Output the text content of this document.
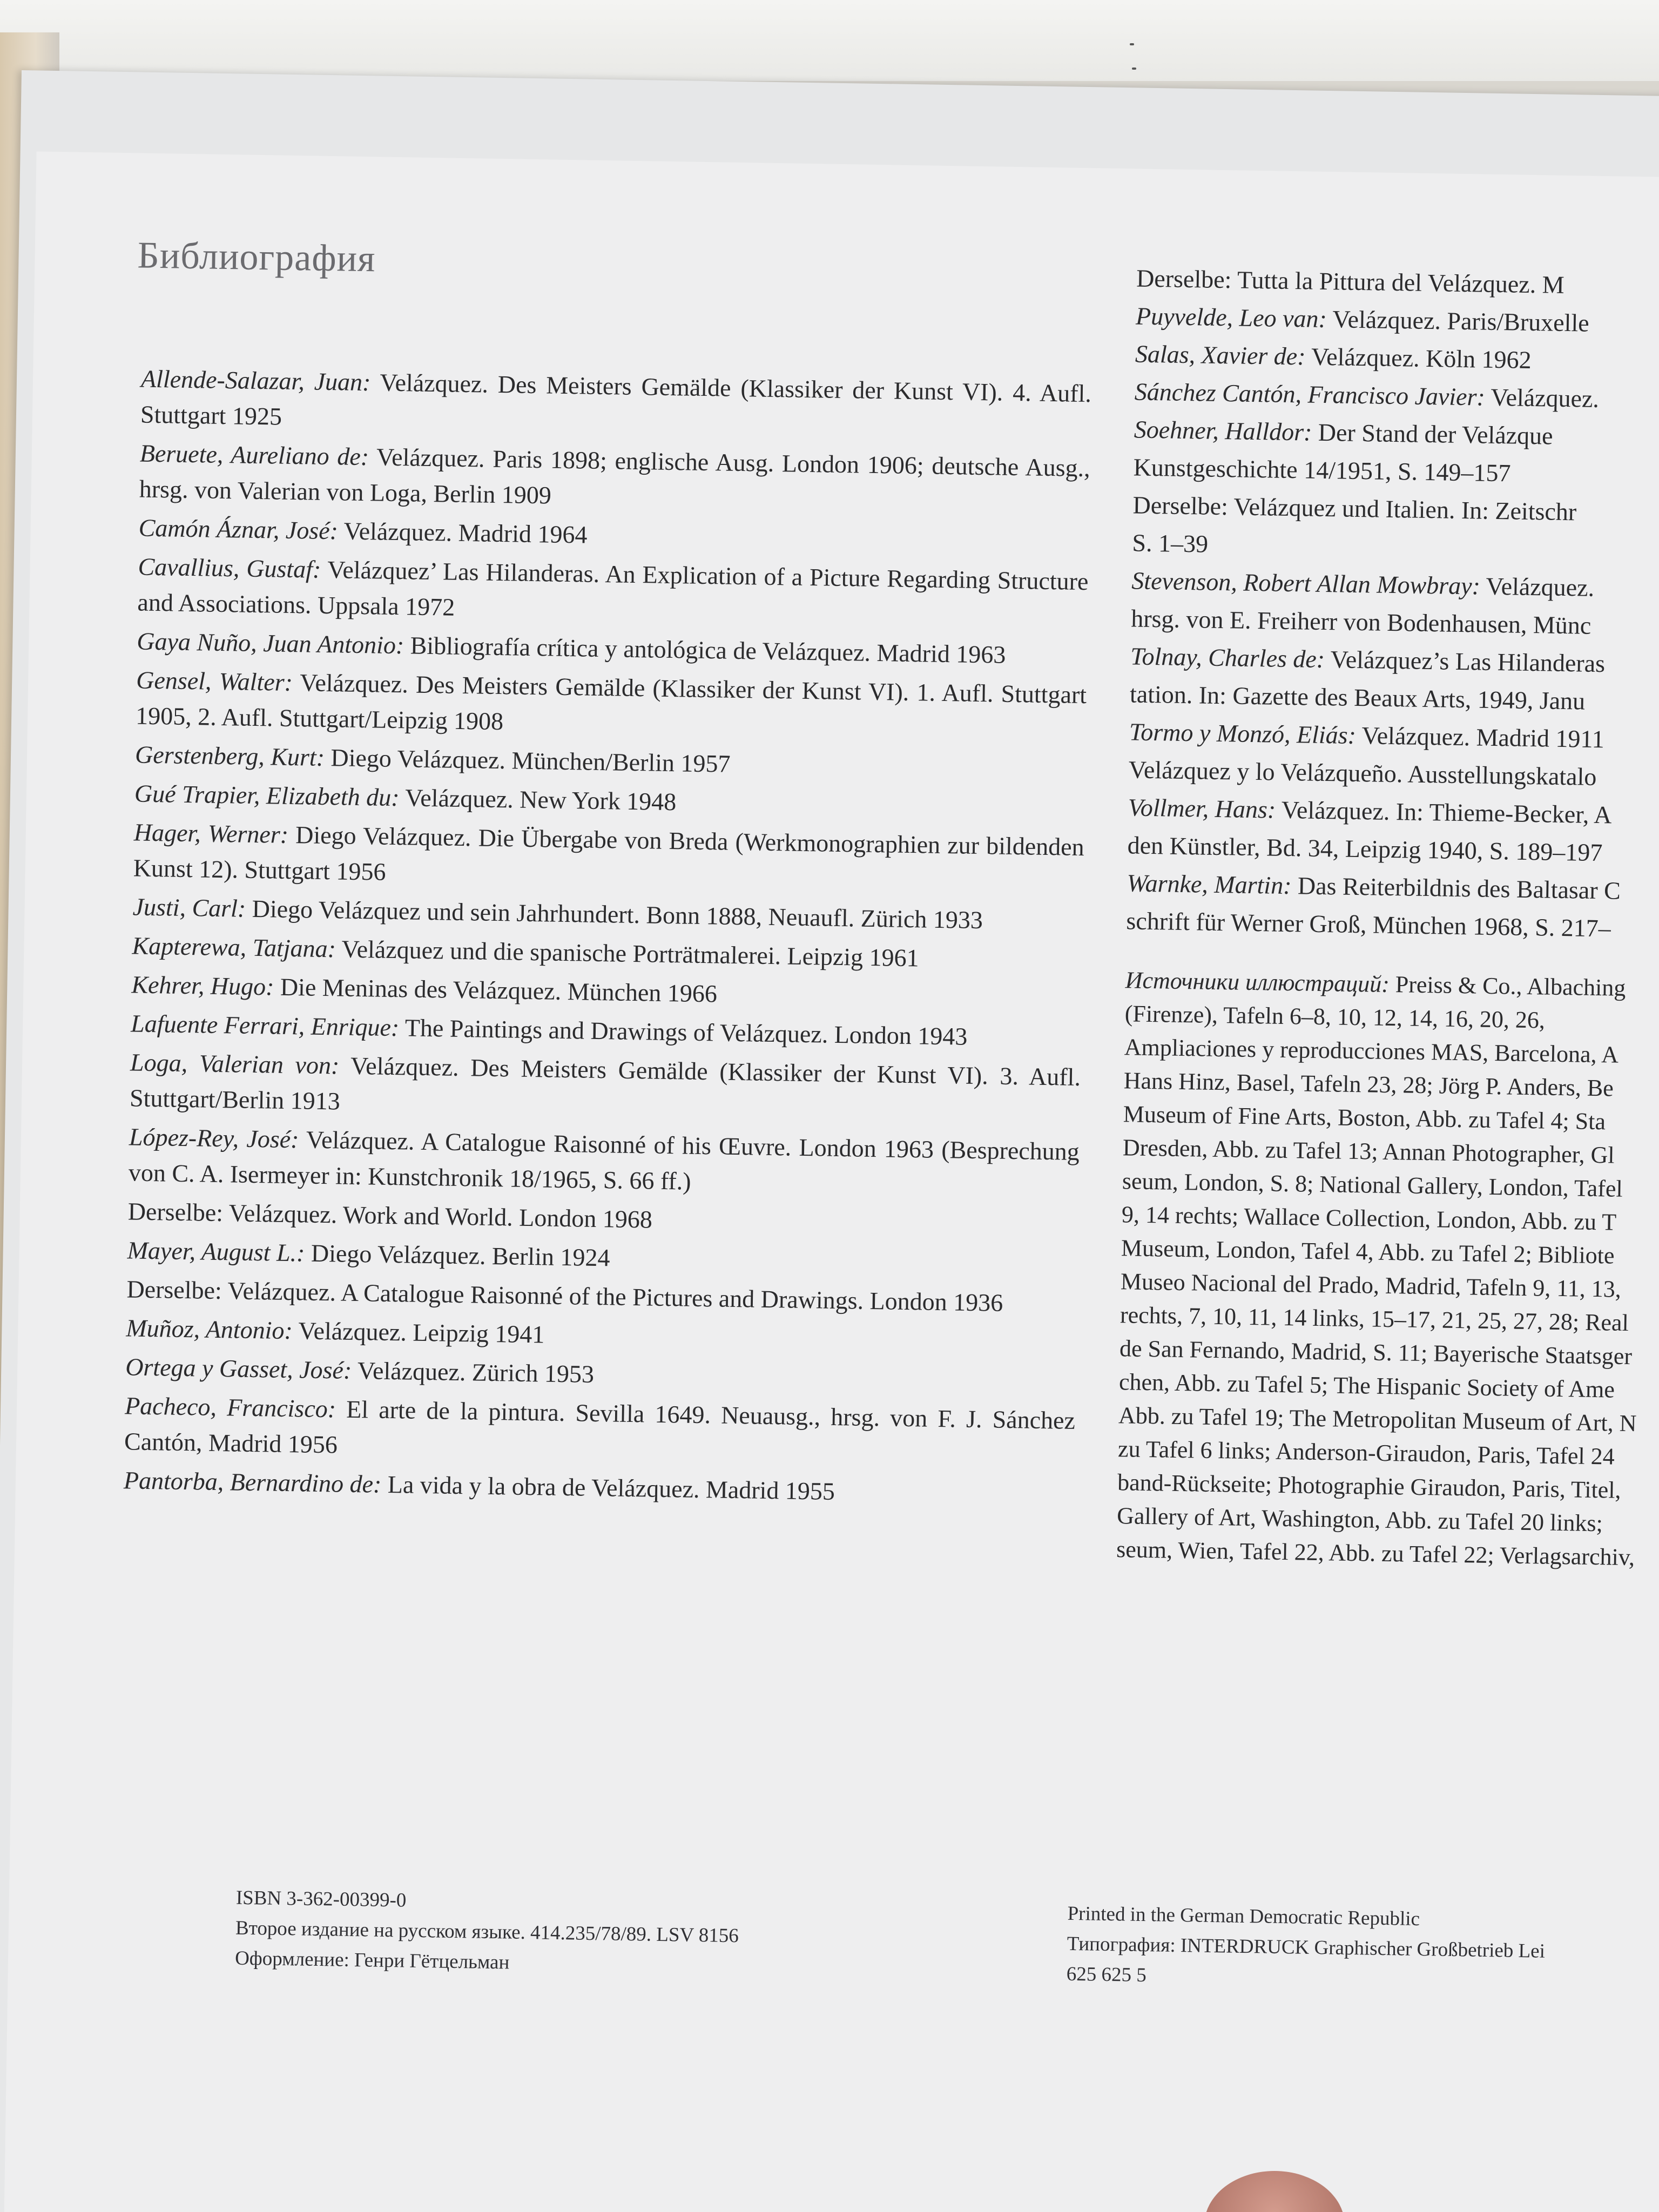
Библиография
Allende-Salazar, Juan: Velázquez. Des Meisters Gemälde (Klassiker der Kunst VI). 4. Aufl. Stuttgart 1925
Beruete, Aureliano de: Velázquez. Paris 1898; englische Ausg. London 1906; deutsche Ausg., hrsg. von Valerian von Loga, Berlin 1909
Camón Áznar, José: Velázquez. Madrid 1964
Cavallius, Gustaf: Velázquez’ Las Hilanderas. An Explication of a Picture Regarding Structure and Associations. Uppsala 1972
Gaya Nuño, Juan Antonio: Bibliografía crítica y antológica de Velázquez. Madrid 1963
Gensel, Walter: Velázquez. Des Meisters Gemälde (Klassiker der Kunst VI). 1. Aufl. Stuttgart 1905, 2. Aufl. Stuttgart/Leipzig 1908
Gerstenberg, Kurt: Diego Velázquez. München/Berlin 1957
Gué Trapier, Elizabeth du: Velázquez. New York 1948
Hager, Werner: Diego Velázquez. Die Übergabe von Breda (Werkmonographien zur bildenden Kunst 12). Stuttgart 1956
Justi, Carl: Diego Velázquez und sein Jahrhundert. Bonn 1888, Neuaufl. Zürich 1933
Kapterewa, Tatjana: Velázquez und die spanische Porträtmalerei. Leipzig 1961
Kehrer, Hugo: Die Meninas des Velázquez. München 1966
Lafuente Ferrari, Enrique: The Paintings and Drawings of Velázquez. London 1943
Loga, Valerian von: Velázquez. Des Meisters Gemälde (Klassiker der Kunst VI). 3. Aufl. Stuttgart/Berlin 1913
López-Rey, José: Velázquez. A Catalogue Raisonné of his Œuvre. London 1963 (Besprechung von C. A. Isermeyer in: Kunstchronik 18/1965, S. 66 ff.)
Derselbe: Velázquez. Work and World. London 1968
Mayer, August L.: Diego Velázquez. Berlin 1924
Derselbe: Velázquez. A Catalogue Raisonné of the Pictures and Drawings. London 1936
Muñoz, Antonio: Velázquez. Leipzig 1941
Ortega y Gasset, José: Velázquez. Zürich 1953
Pacheco, Francisco: El arte de la pintura. Sevilla 1649. Neuausg., hrsg. von F. J. Sánchez Cantón, Madrid 1956
Pantorba, Bernardino de: La vida y la obra de Velázquez. Madrid 1955
Derselbe: Tutta la Pittura del Velázquez. M
Puyvelde, Leo van: Velázquez. Paris/Bruxelle
Salas, Xavier de: Velázquez. Köln 1962
Sánchez Cantón, Francisco Javier: Velázquez.
Soehner, Halldor: Der Stand der Velázque
Kunstgeschichte 14/1951, S. 149–157
Derselbe: Velázquez und Italien. In: Zeitschr
S. 1–39
Stevenson, Robert Allan Mowbray: Velázquez.
hrsg. von E. Freiherr von Bodenhausen, Münc
Tolnay, Charles de: Velázquez’s Las Hilanderas
tation. In: Gazette des Beaux Arts, 1949, Janu
Tormo y Monzó, Eliás: Velázquez. Madrid 1911
Velázquez y lo Velázqueño. Ausstellungskatalo
Vollmer, Hans: Velázquez. In: Thieme-Becker, A
den Künstler, Bd. 34, Leipzig 1940, S. 189–197
Warnke, Martin: Das Reiterbildnis des Baltasar C
schrift für Werner Groß, München 1968, S. 217–
Источники иллюстраций: Preiss & Co., Albaching
(Firenze), Tafeln 6–8, 10, 12, 14, 16, 20, 26,
Ampliaciones y reproducciones MAS, Barcelona, A
Hans Hinz, Basel, Tafeln 23, 28; Jörg P. Anders, Be
Museum of Fine Arts, Boston, Abb. zu Tafel 4; Sta
Dresden, Abb. zu Tafel 13; Annan Photographer, Gl
seum, London, S. 8; National Gallery, London, Tafel
9, 14 rechts; Wallace Collection, London, Abb. zu T
Museum, London, Tafel 4, Abb. zu Tafel 2; Bibliote
Museo Nacional del Prado, Madrid, Tafeln 9, 11, 13,
rechts, 7, 10, 11, 14 links, 15–17, 21, 25, 27, 28; Real
de San Fernando, Madrid, S. 11; Bayerische Staatsger
chen, Abb. zu Tafel 5; The Hispanic Society of Ame
Abb. zu Tafel 19; The Metropolitan Museum of Art, N
zu Tafel 6 links; Anderson-Giraudon, Paris, Tafel 24
band-Rückseite; Photographie Giraudon, Paris, Titel,
Gallery of Art, Washington, Abb. zu Tafel 20 links;
seum, Wien, Tafel 22, Abb. zu Tafel 22; Verlagsarchiv,
ISBN 3-362-00399-0
Второе издание на русском языке. 414.235/78/89. LSV 8156
Оформление: Генри Гётцельман
Printed in the German Democratic Republic
Типография: INTERDRUCK Graphischer Großbetrieb Lei
625 625 5
